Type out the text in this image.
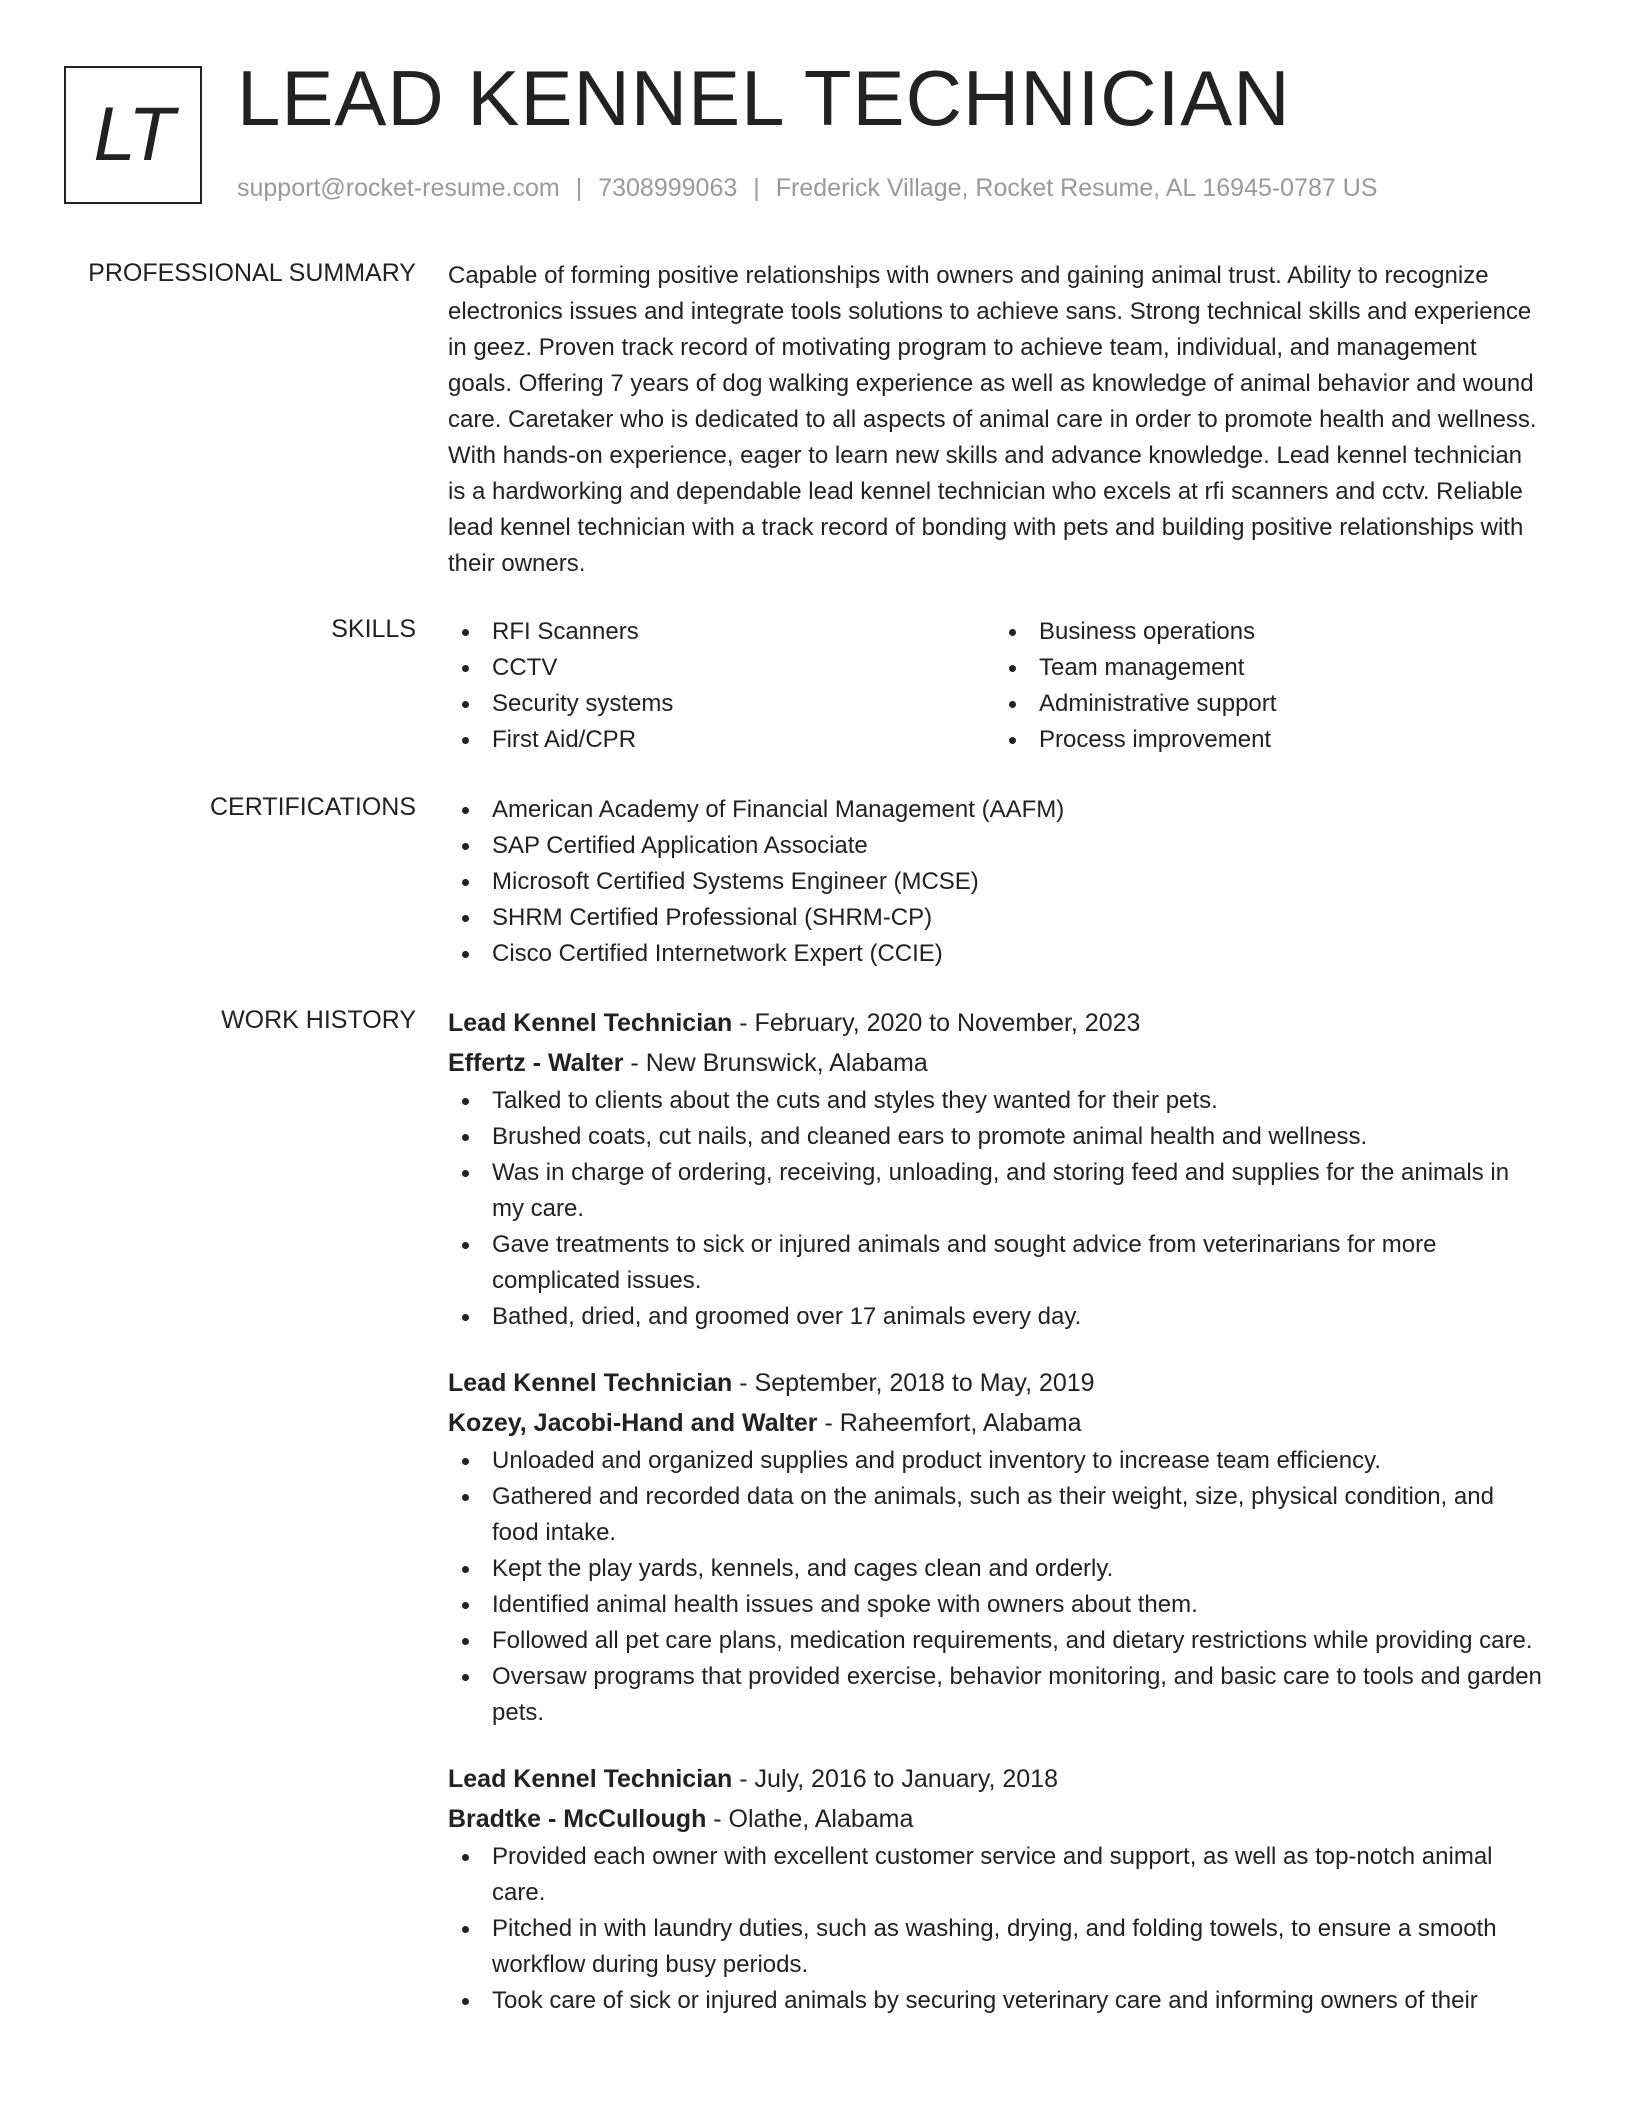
LT LEAD KENNEL TECHNICIAN
support@rocket-resume.com | 7308999063 | Frederick Village, Rocket Resume, AL 16945-0787 US
PROFESSIONAL SUMMARY Capable of forming positive relationships with owners and gaining animal trust. Ability to recognize electronics issues and integrate tools solutions to achieve sans. Strong technical skills and experience in geez. Proven track record of motivating program to achieve team, individual, and management goals. Offering 7 years of dog walking experience as well as knowledge of animal behavior and wound care. Caretaker who is dedicated to all aspects of animal care in order to promote health and wellness. With hands-on experience, eager to learn new skills and advance knowledge. Lead kennel technician is a hardworking and dependable lead kennel technician who excels at rfi scanners and cctv. Reliable lead kennel technician with a track record of bonding with pets and building positive relationships with their owners.

SKILLS	RFI Scanners
CCTV
Security systems
First Aid/CPR
Business operations
Team management
Administrative support
Process improvement
CERTIFICATIONS	American Academy of Financial Management (AAFM)
SAP Certified Application Associate
Microsoft Certified Systems Engineer (MCSE)
SHRM Certified Professional (SHRM-CP)
Cisco Certified Internetwork Expert (CCIE)
WORK HISTORY Lead Kennel Technician - February, 2020 to November, 2023
Effertz - Walter - New Brunswick, Alabama
Talked to clients about the cuts and styles they wanted for their pets.
Brushed coats, cut nails, and cleaned ears to promote animal health and wellness.
Was in charge of ordering, receiving, unloading, and storing feed and supplies for the animals in my care.
Gave treatments to sick or injured animals and sought advice from veterinarians for more complicated issues.
Bathed, dried, and groomed over 17 animals every day.
Lead Kennel Technician - September, 2018 to May, 2019
Kozey, Jacobi-Hand and Walter - Raheemfort, Alabama
Unloaded and organized supplies and product inventory to increase team efficiency.
Gathered and recorded data on the animals, such as their weight, size, physical condition, and food intake.
Kept the play yards, kennels, and cages clean and orderly.
Identified animal health issues and spoke with owners about them.
Followed all pet care plans, medication requirements, and dietary restrictions while providing care.
Oversaw programs that provided exercise, behavior monitoring, and basic care to tools and garden pets.
Lead Kennel Technician - July, 2016 to January, 2018
Bradtke - McCullough - Olathe, Alabama
Provided each owner with excellent customer service and support, as well as top-notch animal care.
Pitched in with laundry duties, such as washing, drying, and folding towels, to ensure a smooth workflow during busy periods.
Took care of sick or injured animals by securing veterinary care and informing owners of their
